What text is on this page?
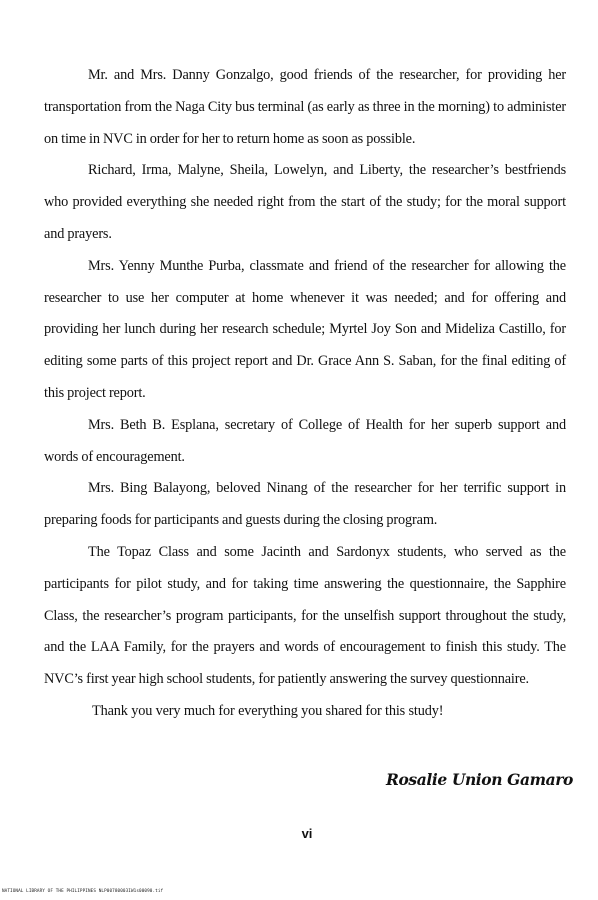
Mr. and Mrs. Danny Gonzalgo, good friends of the researcher, for providing her transportation from the Naga City bus terminal (as early as three in the morning) to administer on time in NVC in order for her to return home as soon as possible.

Richard, Irma, Malyne, Sheila, Lowelyn, and Liberty, the researcher’s bestfriends who provided everything she needed right from the start of the study; for the moral support and prayers.

Mrs. Yenny Munthe Purba, classmate and friend of the researcher for allowing the researcher to use her computer at home whenever it was needed; and for offering and providing her lunch during her research schedule; Myrtel Joy Son and Mideliza Castillo, for editing some parts of this project report and Dr. Grace Ann S. Saban, for the final editing of this project report.

Mrs. Beth B. Esplana, secretary of College of Health for her superb support and words of encouragement.

Mrs. Bing Balayong, beloved Ninang of the researcher for her terrific support in preparing foods for participants and guests during the closing program.

The Topaz Class and some Jacinth and Sardonyx students, who served as the participants for pilot study, and for taking time answering the questionnaire, the Sapphire Class, the researcher’s program participants, for the unselfish support throughout the study, and the LAA Family, for the prayers and words of encouragement to finish this study. The NVC’s first year high school students, for patiently answering the survey questionnaire.

Thank you very much for everything you shared for this study!

Rosalie Union Gamaro
vi
NATIONAL LIBRARY OF THE PHILIPPINES NLP00780003IW1s00090.tif
